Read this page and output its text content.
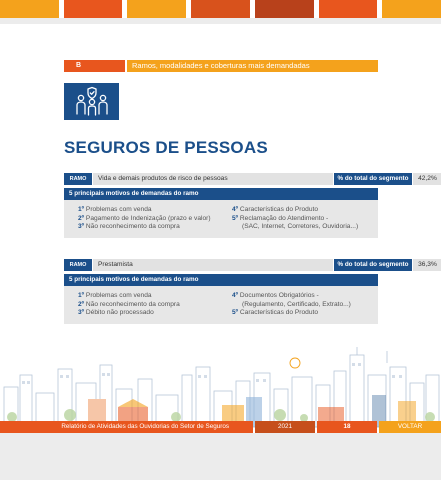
B	Ramos, modalidades e coberturas mais demandadas
SEGUROS DE PESSOAS
RAMO	Vida e demais produtos de risco de pessoas	% do total do segmento	42,2%
5 principais motivos de demandas do ramo
1º Problemas com venda
2º Pagamento de Indenização (prazo e valor)
3º Não reconhecimento da compra
4º Características do Produto
5º Reclamação do Atendimento -
(SAC, Internet, Corretores, Ouvidoria...)
RAMO	Prestamista	% do total do segmento	36,3%
5 principais motivos de demandas do ramo
1º Problemas com venda
2º Não reconhecimento da compra
3º Débito não processado
4º Documentos Obrigatórios -
(Regulamento, Certificado, Extrato...)
5º Características do Produto
Relatório de Atividades das Ouvidorias do Setor de Seguros	2021	18	VOLTAR
